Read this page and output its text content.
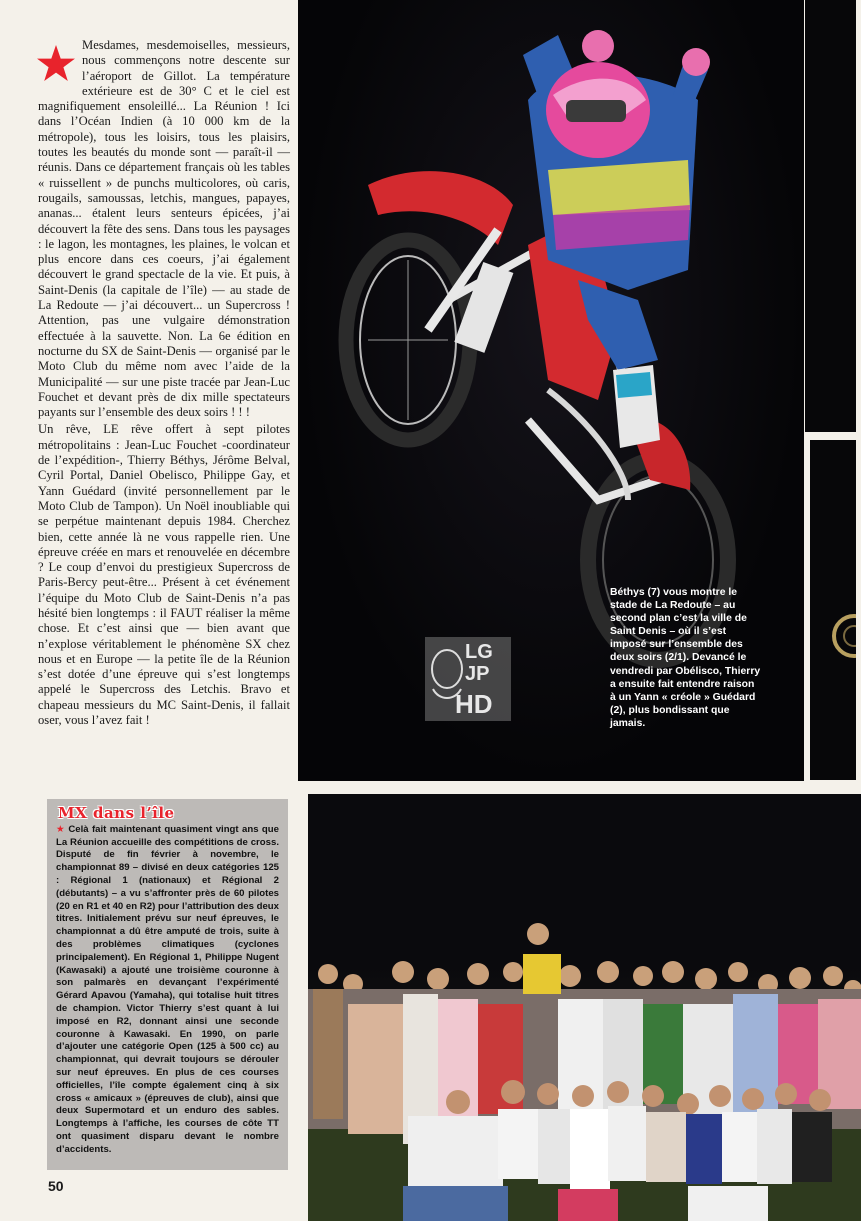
Mesdames, mesdemoiselles, messieurs, nous commençons notre descente sur l’aéroport de Gillot. La température extérieure est de 30° C et le ciel est magnifiquement ensoleillé... La Réunion ! Ici dans l’Océan Indien (à 10 000 km de la métropole), tous les loisirs, tous les plaisirs, toutes les beautés du monde sont — paraît-il — réunis. Dans ce département français où les tables « ruissellent » de punchs multicolores, où caris, rougails, samoussas, letchis, mangues, papayes, ananas... étalent leurs senteurs épicées, j’ai découvert la fête des sens. Dans tous les paysages : le lagon, les montagnes, les plaines, le volcan et plus encore dans ces coeurs, j’ai également découvert le grand spectacle de la vie. Et puis, à Saint-Denis (la capitale de l’île) — au stade de La Redoute — j’ai découvert... un Supercross ! Attention, pas une vulgaire démonstration effectuée à la sauvette. Non. La 6e édition en nocturne du SX de Saint-Denis — organisé par le Moto Club du même nom avec l’aide de la Municipalité — sur une piste tracée par Jean-Luc Fouchet et devant près de dix mille spectateurs payants sur l’ensemble des deux soirs ! ! !

Un rêve, LE rêve offert à sept pilotes métropolitains : Jean-Luc Fouchet -coordinateur de l’expédition-, Thierry Béthys, Jérôme Belval, Cyril Portal, Daniel Obelisco, Philippe Gay, et Yann Guédard (invité personnellement par le Moto Club de Tampon). Un Noël inoubliable qui se perpétue maintenant depuis 1984. Cherchez bien, cette année là ne vous rappelle rien. Une épreuve créée en mars et renouvelée en décembre ? Le coup d’envoi du prestigieux Supercross de Paris-Bercy peut-être... Présent à cet événement l’équipe du Moto Club de Saint-Denis n’a pas hésité bien longtemps : il FAUT réaliser la même chose. Et c’est ainsi que — bien avant que n’explose véritablement le phénomène SX chez nous et en Europe — la petite île de la Réunion s’est dotée d’une épreuve qui s’est longtemps appelé le Supercross des Letchis. Bravo et chapeau messieurs du MC Saint-Denis, il fallait oser, vous l’avez fait !

MX dans l’île
★ Celà fait maintenant quasiment vingt ans que La Réunion accueille des compétitions de cross. Disputé de fin février à novembre, le championnat 89 – divisé en deux catégories 125 : Régional 1 (nationaux) et Régional 2 (débutants) – a vu s’affronter près de 60 pilotes (20 en R1 et 40 en R2) pour l’attribution des deux titres. Initialement prévu sur neuf épreuves, le championnat a dû être amputé de trois, suite à des problèmes climatiques (cyclones principalement). En Régional 1, Philippe Nugent (Kawasaki) a ajouté une troisième couronne à son palmarès en devançant l’expérimenté Gérard Apavou (Yamaha), qui totalise huit titres de champion. Victor Thierry s’est quant à lui imposé en R2, donnant ainsi une seconde couronne à Kawasaki. En 1990, on parle d’ajouter une catégorie Open (125 à 500 cc) au championnat, qui devrait toujours se dérouler sur neuf épreuves. En plus de ces courses officielles, l’île compte également cinq à six cross « amicaux » (épreuves de club), ainsi que deux Supermotard et un enduro des sables. Longtemps à l’affiche, les courses de côte TT ont quasiment disparu devant le nombre d’accidents.
50
Béthys (7) vous montre le stade de La Redoute – au second plan c’est la ville de Saint Denis – où il s’est imposé sur l’ensemble des deux soirs (2/1). Devancé le vendredi par Obélisco, Thierry a ensuite fait entendre raison à un Yann « créole » Guédard (2), plus bondissant que jamais.
LG
JP
HD
